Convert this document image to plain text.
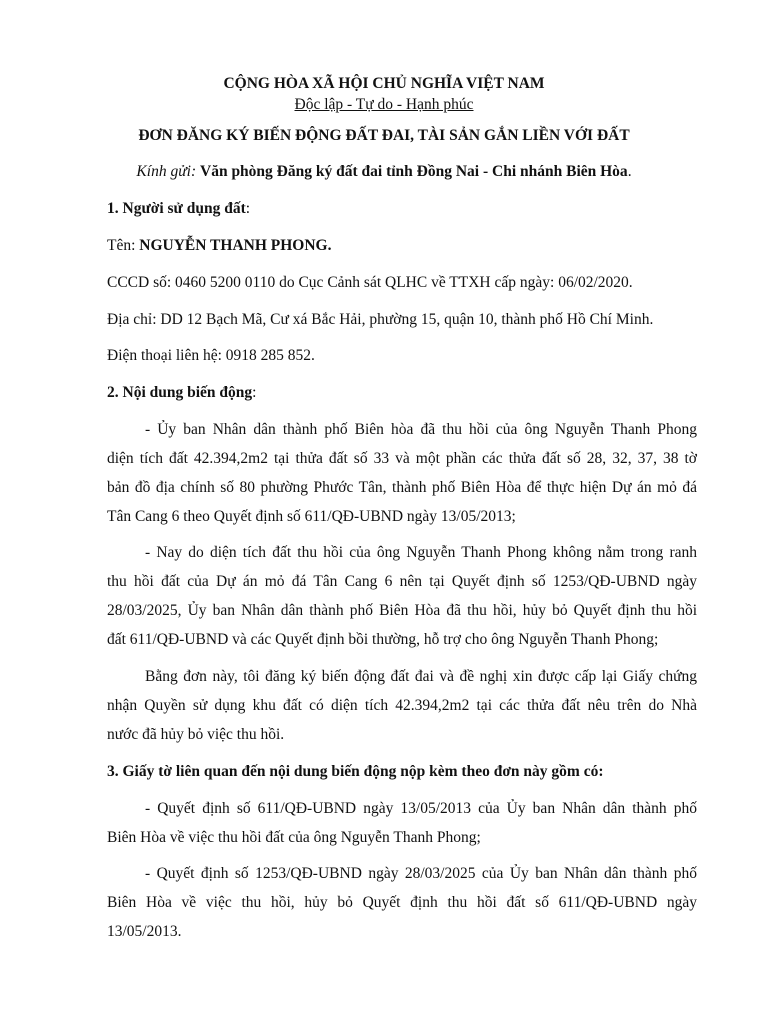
CỘNG HÒA XÃ HỘI CHỦ NGHĨA VIỆT NAM
Độc lập - Tự do - Hạnh phúc
ĐƠN ĐĂNG KÝ BIẾN ĐỘNG ĐẤT ĐAI, TÀI SẢN GẮN LIỀN VỚI ĐẤT
Kính gửi: Văn phòng Đăng ký đất đai tỉnh Đồng Nai - Chi nhánh Biên Hòa.
1. Người sử dụng đất:
Tên: NGUYỄN THANH PHONG.
CCCD số: 0460 5200 0110 do Cục Cảnh sát QLHC về TTXH cấp ngày: 06/02/2020.
Địa chỉ: DD 12 Bạch Mã, Cư xá Bắc Hải, phường 15, quận 10, thành phố Hồ Chí Minh.
Điện thoại liên hệ: 0918 285 852.
2. Nội dung biến động:
- Ủy ban Nhân dân thành phố Biên hòa đã thu hồi của ông Nguyễn Thanh Phong
diện tích đất 42.394,2m2 tại thửa đất số 33 và một phần các thửa đất số 28, 32, 37, 38 tờ
bản đồ địa chính số 80 phường Phước Tân, thành phố Biên Hòa để thực hiện Dự án mỏ đá
Tân Cang 6 theo Quyết định số 611/QĐ-UBND ngày 13/05/2013;
- Nay do diện tích đất thu hồi của ông Nguyễn Thanh Phong không nằm trong ranh
thu hồi đất của Dự án mỏ đá Tân Cang 6 nên tại Quyết định số 1253/QĐ-UBND ngày
28/03/2025, Ủy ban Nhân dân thành phố Biên Hòa đã thu hồi, hủy bỏ Quyết định thu hồi
đất 611/QĐ-UBND và các Quyết định bồi thường, hỗ trợ cho ông Nguyễn Thanh Phong;
Bằng đơn này, tôi đăng ký biến động đất đai và đề nghị xin được cấp lại Giấy chứng
nhận Quyền sử dụng khu đất có diện tích 42.394,2m2 tại các thửa đất nêu trên do Nhà
nước đã hủy bỏ việc thu hồi.
3. Giấy tờ liên quan đến nội dung biến động nộp kèm theo đơn này gồm có:
- Quyết định số 611/QĐ-UBND ngày 13/05/2013 của Ủy ban Nhân dân thành phố
Biên Hòa về việc thu hồi đất của ông Nguyễn Thanh Phong;
- Quyết định số 1253/QĐ-UBND ngày 28/03/2025 của Ủy ban Nhân dân thành phố
Biên Hòa về việc thu hồi, hủy bỏ Quyết định thu hồi đất số 611/QĐ-UBND ngày
13/05/2013.
